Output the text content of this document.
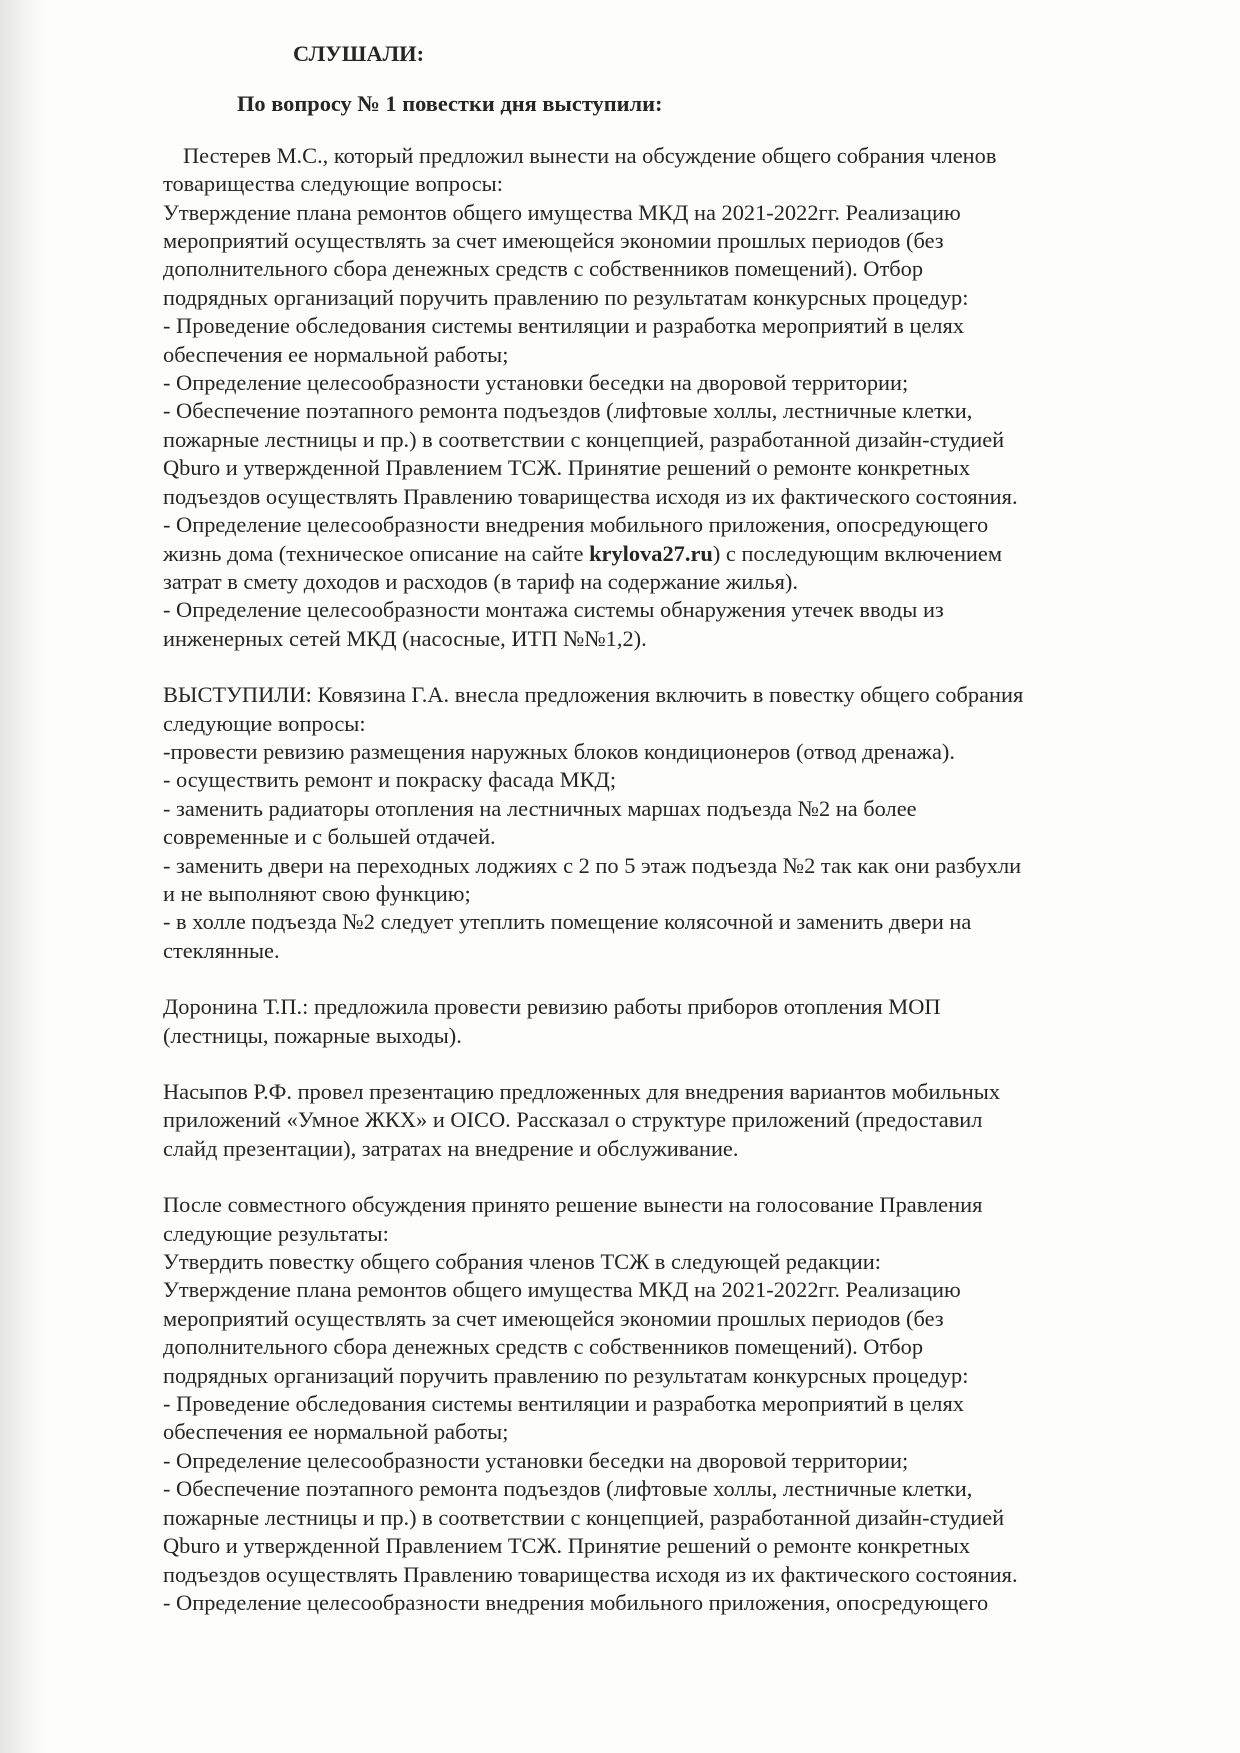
СЛУШАЛИ:

По вопросу № 1 повестки дня выступили:

Пестерев М.С., который предложил вынести на обсуждение общего собрания членов
товарищества следующие вопросы:
Утверждение плана ремонтов общего имущества МКД на 2021-2022гг. Реализацию
мероприятий осуществлять за счет имеющейся экономии прошлых периодов (без
дополнительного сбора денежных средств с собственников помещений). Отбор
подрядных организаций поручить правлению по результатам конкурсных процедур:
- Проведение обследования системы вентиляции и разработка мероприятий в целях
обеспечения ее нормальной работы;
- Определение целесообразности установки беседки на дворовой территории;
- Обеспечение поэтапного ремонта подъездов (лифтовые холлы, лестничные клетки,
пожарные лестницы и пр.) в соответствии с концепцией, разработанной дизайн-студией
Qburo и утвержденной Правлением ТСЖ. Принятие решений о ремонте конкретных
подъездов осуществлять Правлению товарищества исходя из их фактического состояния.
- Определение целесообразности внедрения мобильного приложения, опосредующего
жизнь дома (техническое описание на сайте krylova27.ru) с последующим включением
затрат в смету доходов и расходов (в тариф на содержание жилья).
- Определение целесообразности монтажа системы обнаружения утечек вводы из
инженерных сетей МКД (насосные, ИТП №№1,2).
ВЫСТУПИЛИ: Ковязина Г.А. внесла предложения включить в повестку общего собрания
следующие вопросы:
-провести ревизию размещения наружных блоков кондиционеров (отвод дренажа).
- осуществить ремонт и покраску фасада МКД;
- заменить радиаторы отопления на лестничных маршах подъезда №2 на более
современные и с большей отдачей.
- заменить двери на переходных лоджиях с 2 по 5 этаж подъезда №2 так как они разбухли
и не выполняют свою функцию;
- в холле подъезда №2 следует утеплить помещение колясочной и заменить двери на
стеклянные.
Доронина Т.П.: предложила провести ревизию работы приборов отопления МОП
(лестницы, пожарные выходы).
Насыпов Р.Ф. провел презентацию предложенных для внедрения вариантов мобильных
приложений «Умное ЖКХ» и OICO. Рассказал о структуре приложений (предоставил
слайд презентации), затратах на внедрение и обслуживание.
После совместного обсуждения принято решение вынести на голосование Правления
следующие результаты:
Утвердить повестку общего собрания членов ТСЖ в следующей редакции:
Утверждение плана ремонтов общего имущества МКД на 2021-2022гг. Реализацию
мероприятий осуществлять за счет имеющейся экономии прошлых периодов (без
дополнительного сбора денежных средств с собственников помещений). Отбор
подрядных организаций поручить правлению по результатам конкурсных процедур:
- Проведение обследования системы вентиляции и разработка мероприятий в целях
обеспечения ее нормальной работы;
- Определение целесообразности установки беседки на дворовой территории;
- Обеспечение поэтапного ремонта подъездов (лифтовые холлы, лестничные клетки,
пожарные лестницы и пр.) в соответствии с концепцией, разработанной дизайн-студией
Qburo и утвержденной Правлением ТСЖ. Принятие решений о ремонте конкретных
подъездов осуществлять Правлению товарищества исходя из их фактического состояния.
- Определение целесообразности внедрения мобильного приложения, опосредующего
